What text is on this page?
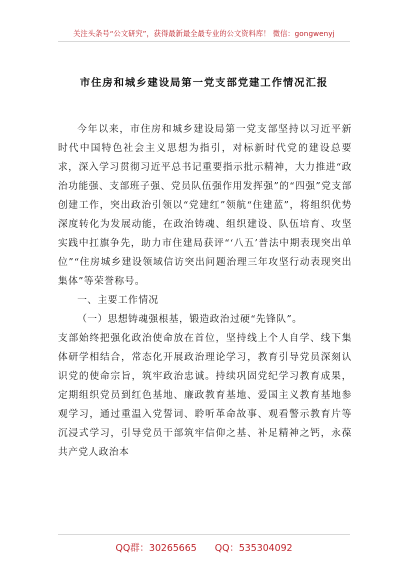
关注头条号“公文研究”，获得最新最全最专业的公文资料库！ 微信：gongwenyj
市住房和城乡建设局第一党支部党建工作情况汇报

今年以来，市住房和城乡建设局第一党支部坚持以习近平新时代中国特色社会主义思想为指引，对标新时代党的建设总要求，深入学习贯彻习近平总书记重要指示批示精神，大力推进“政治功能强、支部班子强、党员队伍强作用发挥强”的“四强”党支部创建工作，突出政治引领以“党建红”领航“住建蓝”，将组织优势深度转化为发展动能，在政治铸魂、组织建设、队伍培育、攻坚实践中扛旗争先，助力市住建局获评“‘八五’普法中期表现突出单位”“住房城乡建设领域信访突出问题治理三年攻坚行动表现突出集体”等荣誉称号。

一、主要工作情况

（一）思想铸魂强根基，锻造政治过硬“先锋队”。

支部始终把强化政治使命放在首位，坚持线上个人自学、线下集体研学相结合，常态化开展政治理论学习，教育引导党员深刻认识党的使命宗旨，筑牢政治忠诚。持续巩固党纪学习教育成果，定期组织党员到红色基地、廉政教育基地、爱国主义教育基地参观学习，通过重温入党誓词、聆听革命故事、观看警示教育片等沉浸式学习，引导党员干部筑牢信仰之基、补足精神之钙，永葆共产党人政治本

QQ群：30265665 QQ：535304092
